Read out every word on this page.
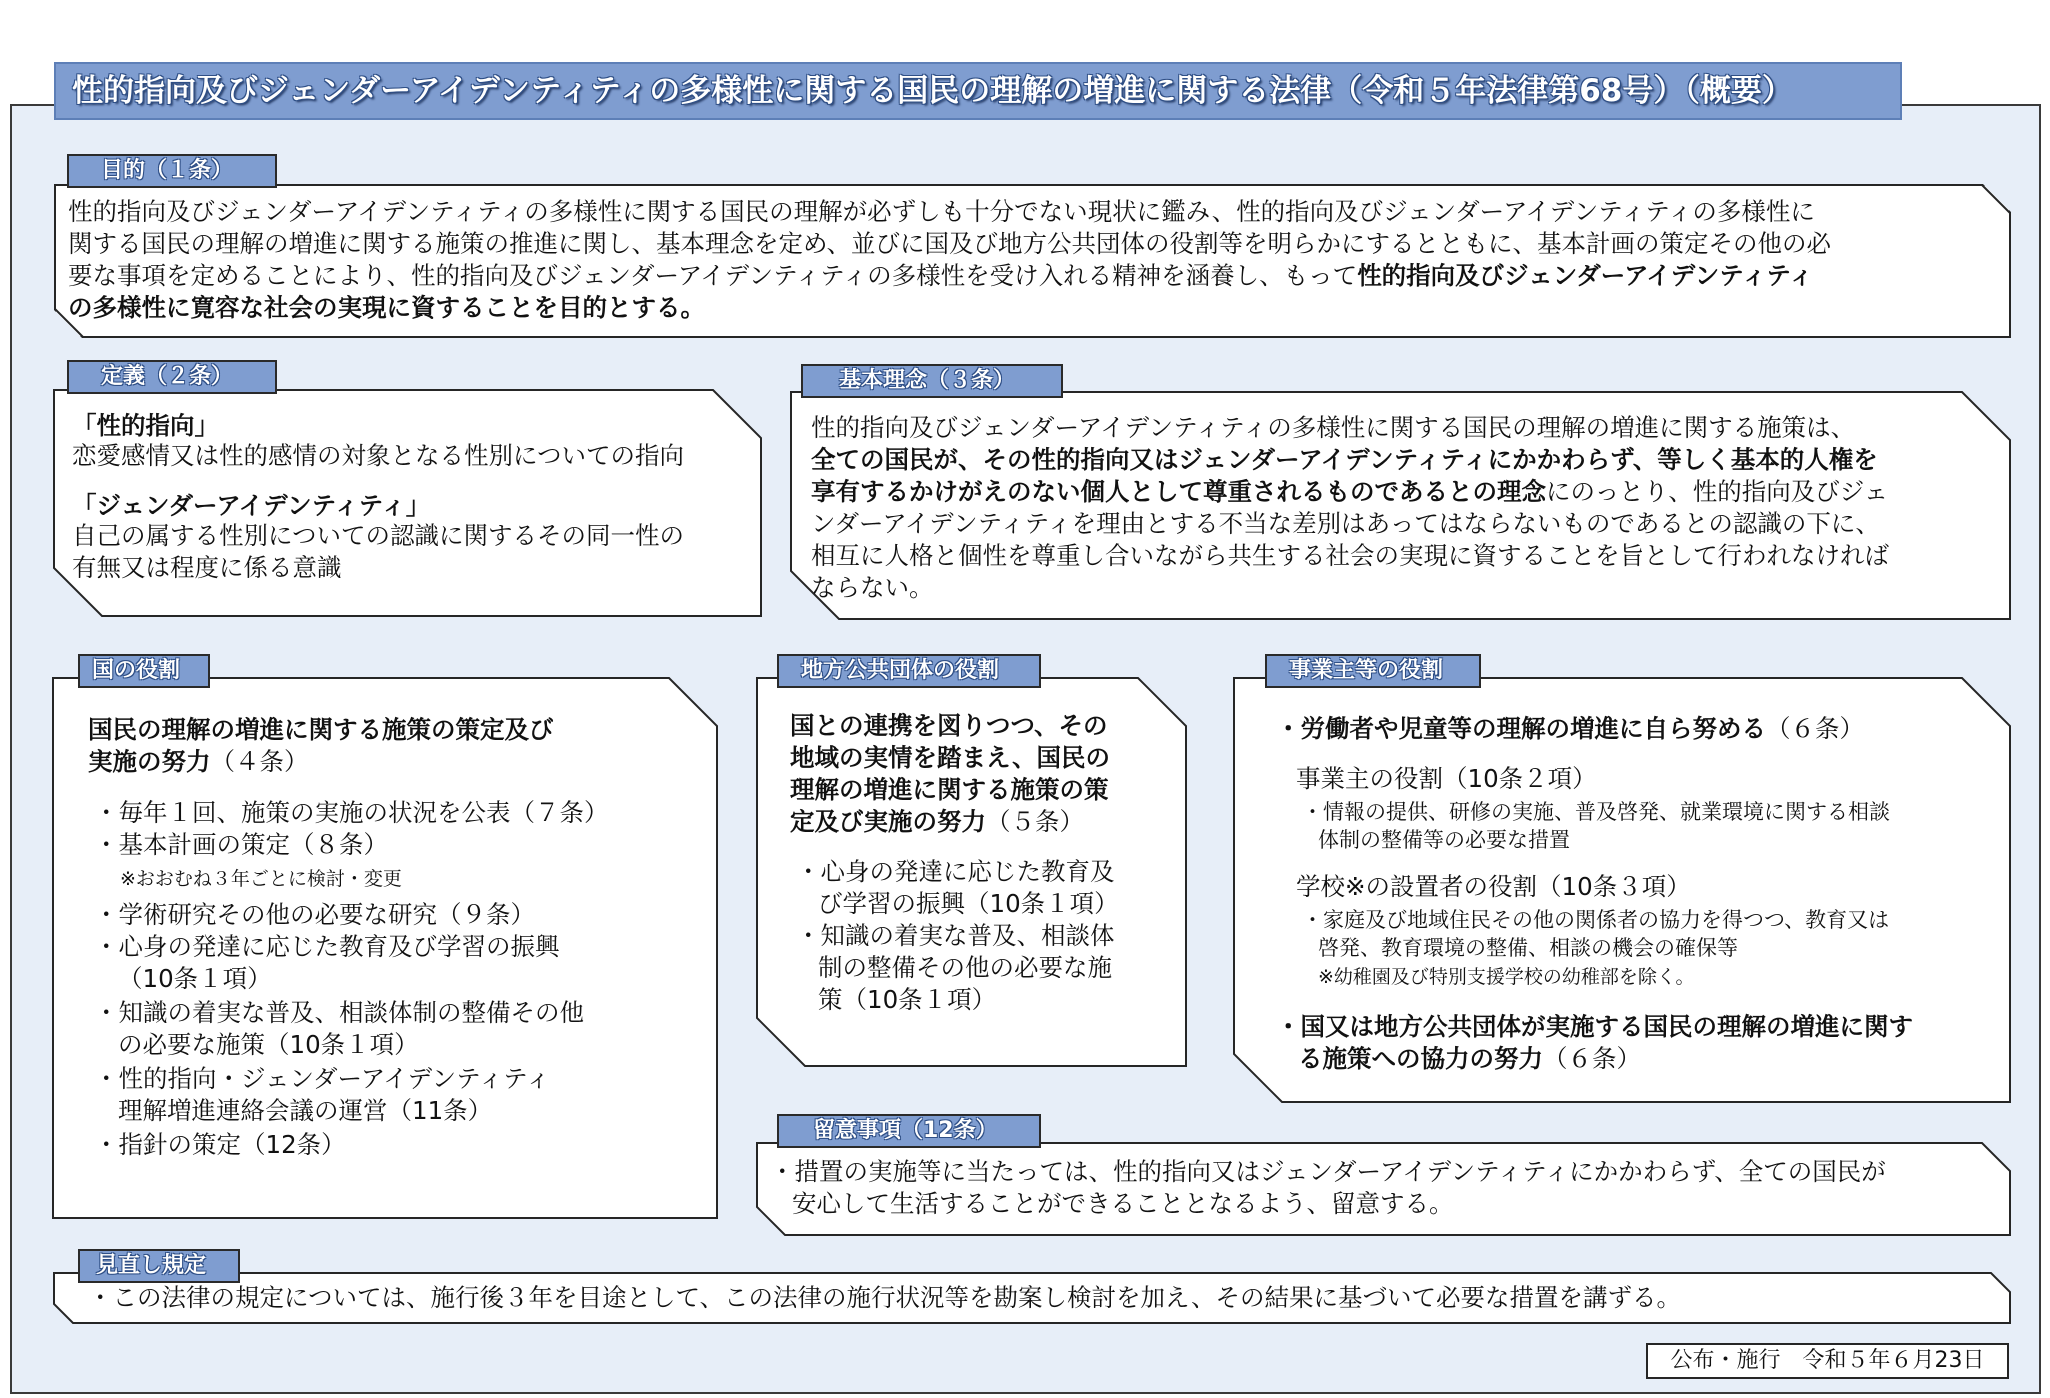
性的指向及びジェンダーアイデンティティの多様性に関する国民の理解の増進に関する法律（令和５年法律第68号）（概要）
目的（１条）
性的指向及びジェンダーアイデンティティの多様性に関する国民の理解が必ずしも十分でない現状に鑑み、性的指向及びジェンダーアイデンティティの多様性に
関する国民の理解の増進に関する施策の推進に関し、基本理念を定め、並びに国及び地方公共団体の役割等を明らかにするとともに、基本計画の策定その他の必
要な事項を定めることにより、性的指向及びジェンダーアイデンティティの多様性を受け入れる精神を涵養し、もって性的指向及びジェンダーアイデンティティ
の多様性に寛容な社会の実現に資することを目的とする。
定義（２条）
「性的指向」
恋愛感情又は性的感情の対象となる性別についての指向
「ジェンダーアイデンティティ」
自己の属する性別についての認識に関するその同一性の
有無又は程度に係る意識
基本理念（３条）
性的指向及びジェンダーアイデンティティの多様性に関する国民の理解の増進に関する施策は、
全ての国民が、その性的指向又はジェンダーアイデンティティにかかわらず、等しく基本的人権を
享有するかけがえのない個人として尊重されるものであるとの理念にのっとり、性的指向及びジェ
ンダーアイデンティティを理由とする不当な差別はあってはならないものであるとの認識の下に、
相互に人格と個性を尊重し合いながら共生する社会の実現に資することを旨として行われなければ
ならない。
国の役割
国民の理解の増進に関する施策の策定及び
実施の努力（４条）
・毎年１回、施策の実施の状況を公表（７条）
・基本計画の策定（８条）
※おおむね３年ごとに検討・変更
・学術研究その他の必要な研究（９条）
・心身の発達に応じた教育及び学習の振興
（10条１項）
・知識の着実な普及、相談体制の整備その他
の必要な施策（10条１項）
・性的指向・ジェンダーアイデンティティ
理解増進連絡会議の運営（11条）
・指針の策定（12条）
地方公共団体の役割
国との連携を図りつつ、その
地域の実情を踏まえ、国民の
理解の増進に関する施策の策
定及び実施の努力（５条）
・心身の発達に応じた教育及
び学習の振興（10条１項）
・知識の着実な普及、相談体
制の整備その他の必要な施
策（10条１項）
事業主等の役割
・労働者や児童等の理解の増進に自ら努める（６条）
事業主の役割（10条２項）
・情報の提供、研修の実施、普及啓発、就業環境に関する相談
体制の整備等の必要な措置
学校※の設置者の役割（10条３項）
・家庭及び地域住民その他の関係者の協力を得つつ、教育又は
啓発、教育環境の整備、相談の機会の確保等
※幼稚園及び特別支援学校の幼稚部を除く。
・国又は地方公共団体が実施する国民の理解の増進に関す
る施策への協力の努力（６条）
留意事項（12条）
・措置の実施等に当たっては、性的指向又はジェンダーアイデンティティにかかわらず、全ての国民が
安心して生活することができることとなるよう、留意する。
見直し規定
・この法律の規定については、施行後３年を目途として、この法律の施行状況等を勘案し検討を加え、その結果に基づいて必要な措置を講ずる。
公布・施行　令和５年６月23日
